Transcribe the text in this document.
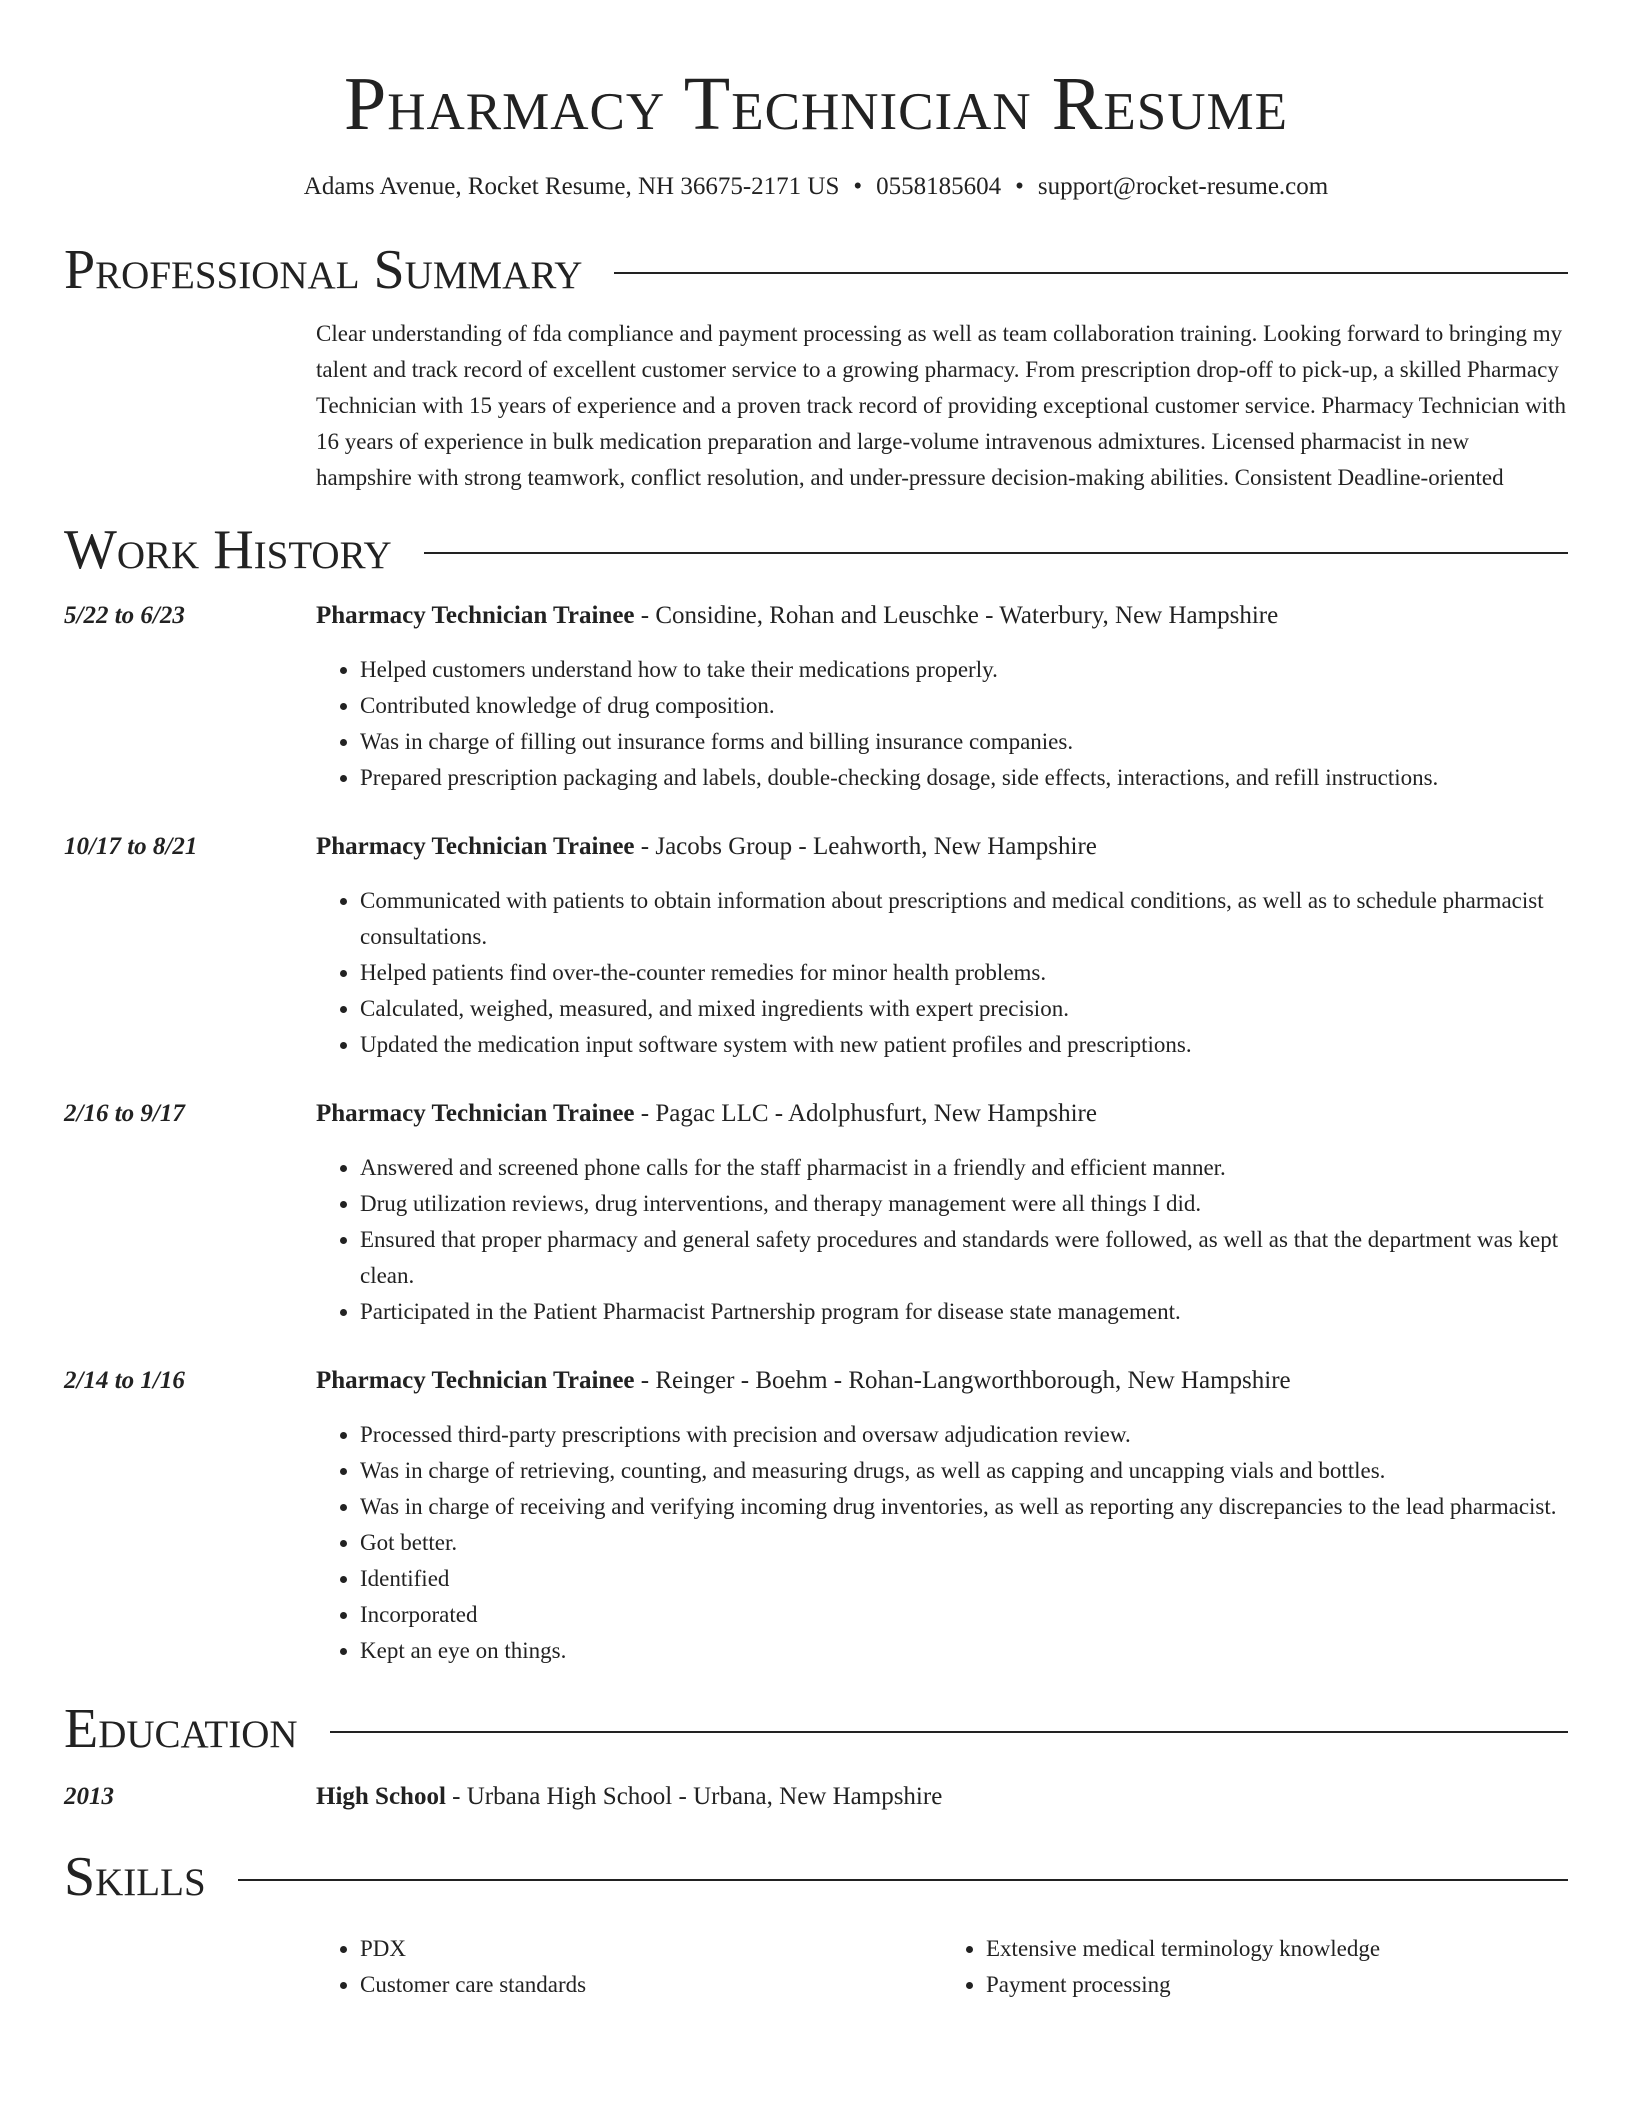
Pharmacy Technician Resume
Adams Avenue, Rocket Resume, NH 36675-2171 US • 0558185604 • support@rocket-resume.com
Professional Summary
Clear understanding of fda compliance and payment processing as well as team collaboration training. Looking forward to bringing my talent and track record of excellent customer service to a growing pharmacy. From prescription drop-off to pick-up, a skilled Pharmacy Technician with 15 years of experience and a proven track record of providing exceptional customer service. Pharmacy Technician with 16 years of experience in bulk medication preparation and large-volume intravenous admixtures. Licensed pharmacist in new hampshire with strong teamwork, conflict resolution, and under-pressure decision-making abilities. Consistent Deadline-oriented
Work History
5/22 to 6/23	Pharmacy Technician Trainee - Considine, Rohan and Leuschke - Waterbury, New Hampshire
• Helped customers understand how to take their medications properly.
• Contributed knowledge of drug composition.
• Was in charge of filling out insurance forms and billing insurance companies.
• Prepared prescription packaging and labels, double-checking dosage, side effects, interactions, and refill instructions.
10/17 to 8/21	Pharmacy Technician Trainee - Jacobs Group - Leahworth, New Hampshire
• Communicated with patients to obtain information about prescriptions and medical conditions, as well as to schedule pharmacist consultations.
• Helped patients find over-the-counter remedies for minor health problems.
• Calculated, weighed, measured, and mixed ingredients with expert precision.
• Updated the medication input software system with new patient profiles and prescriptions.
2/16 to 9/17	Pharmacy Technician Trainee - Pagac LLC - Adolphusfurt, New Hampshire
• Answered and screened phone calls for the staff pharmacist in a friendly and efficient manner.
• Drug utilization reviews, drug interventions, and therapy management were all things I did.
• Ensured that proper pharmacy and general safety procedures and standards were followed, as well as that the department was kept clean.
• Participated in the Patient Pharmacist Partnership program for disease state management.
2/14 to 1/16	Pharmacy Technician Trainee - Reinger - Boehm - Rohan-Langworthborough, New Hampshire
• Processed third-party prescriptions with precision and oversaw adjudication review.
• Was in charge of retrieving, counting, and measuring drugs, as well as capping and uncapping vials and bottles.
• Was in charge of receiving and verifying incoming drug inventories, as well as reporting any discrepancies to the lead pharmacist.
• Got better.
• Identified
• Incorporated
• Kept an eye on things.
Education
2013	High School - Urbana High School - Urbana, New Hampshire
Skills
• PDX
• Customer care standards
• Extensive medical terminology knowledge
• Payment processing
